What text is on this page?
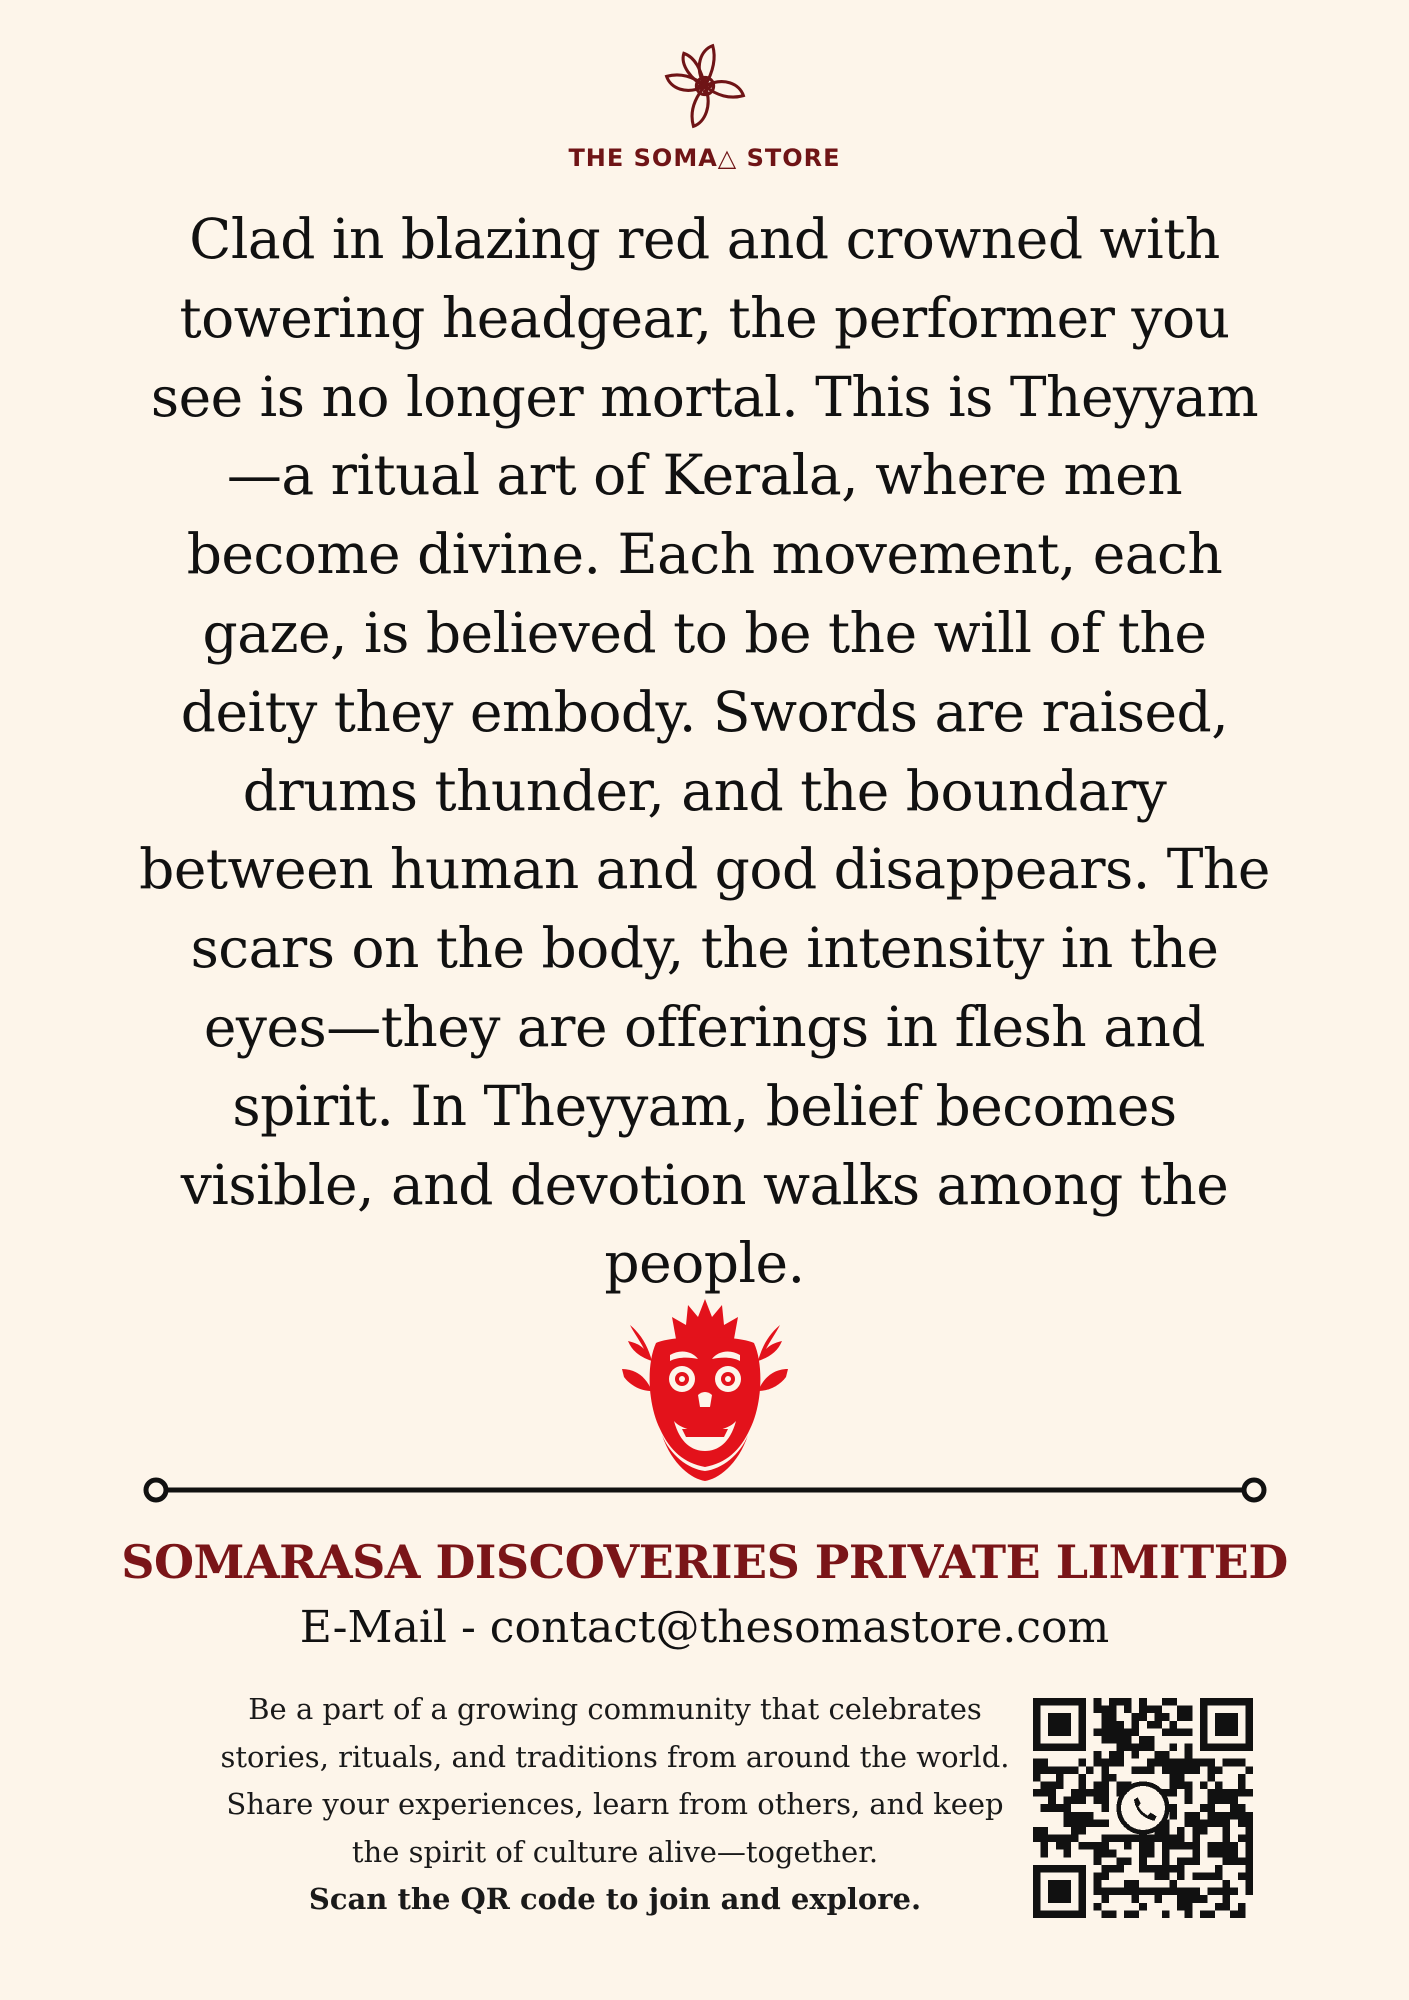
THE SOMA△ STORE

Clad in blazing red and crowned with towering headgear, the performer you see is no longer mortal. This is Theyyam —a ritual art of Kerala, where men become divine. Each movement, each gaze, is believed to be the will of the deity they embody. Swords are raised, drums thunder, and the boundary between human and god disappears. The scars on the body, the intensity in the eyes—they are offerings in flesh and spirit. In Theyyam, belief becomes visible, and devotion walks among the people.

SOMARASA DISCOVERIES PRIVATE LIMITED
E-Mail - contact@thesomastore.com

Be a part of a growing community that celebrates stories, rituals, and traditions from around the world. Share your experiences, learn from others, and keep the spirit of culture alive—together.

Scan the QR code to join and explore.
